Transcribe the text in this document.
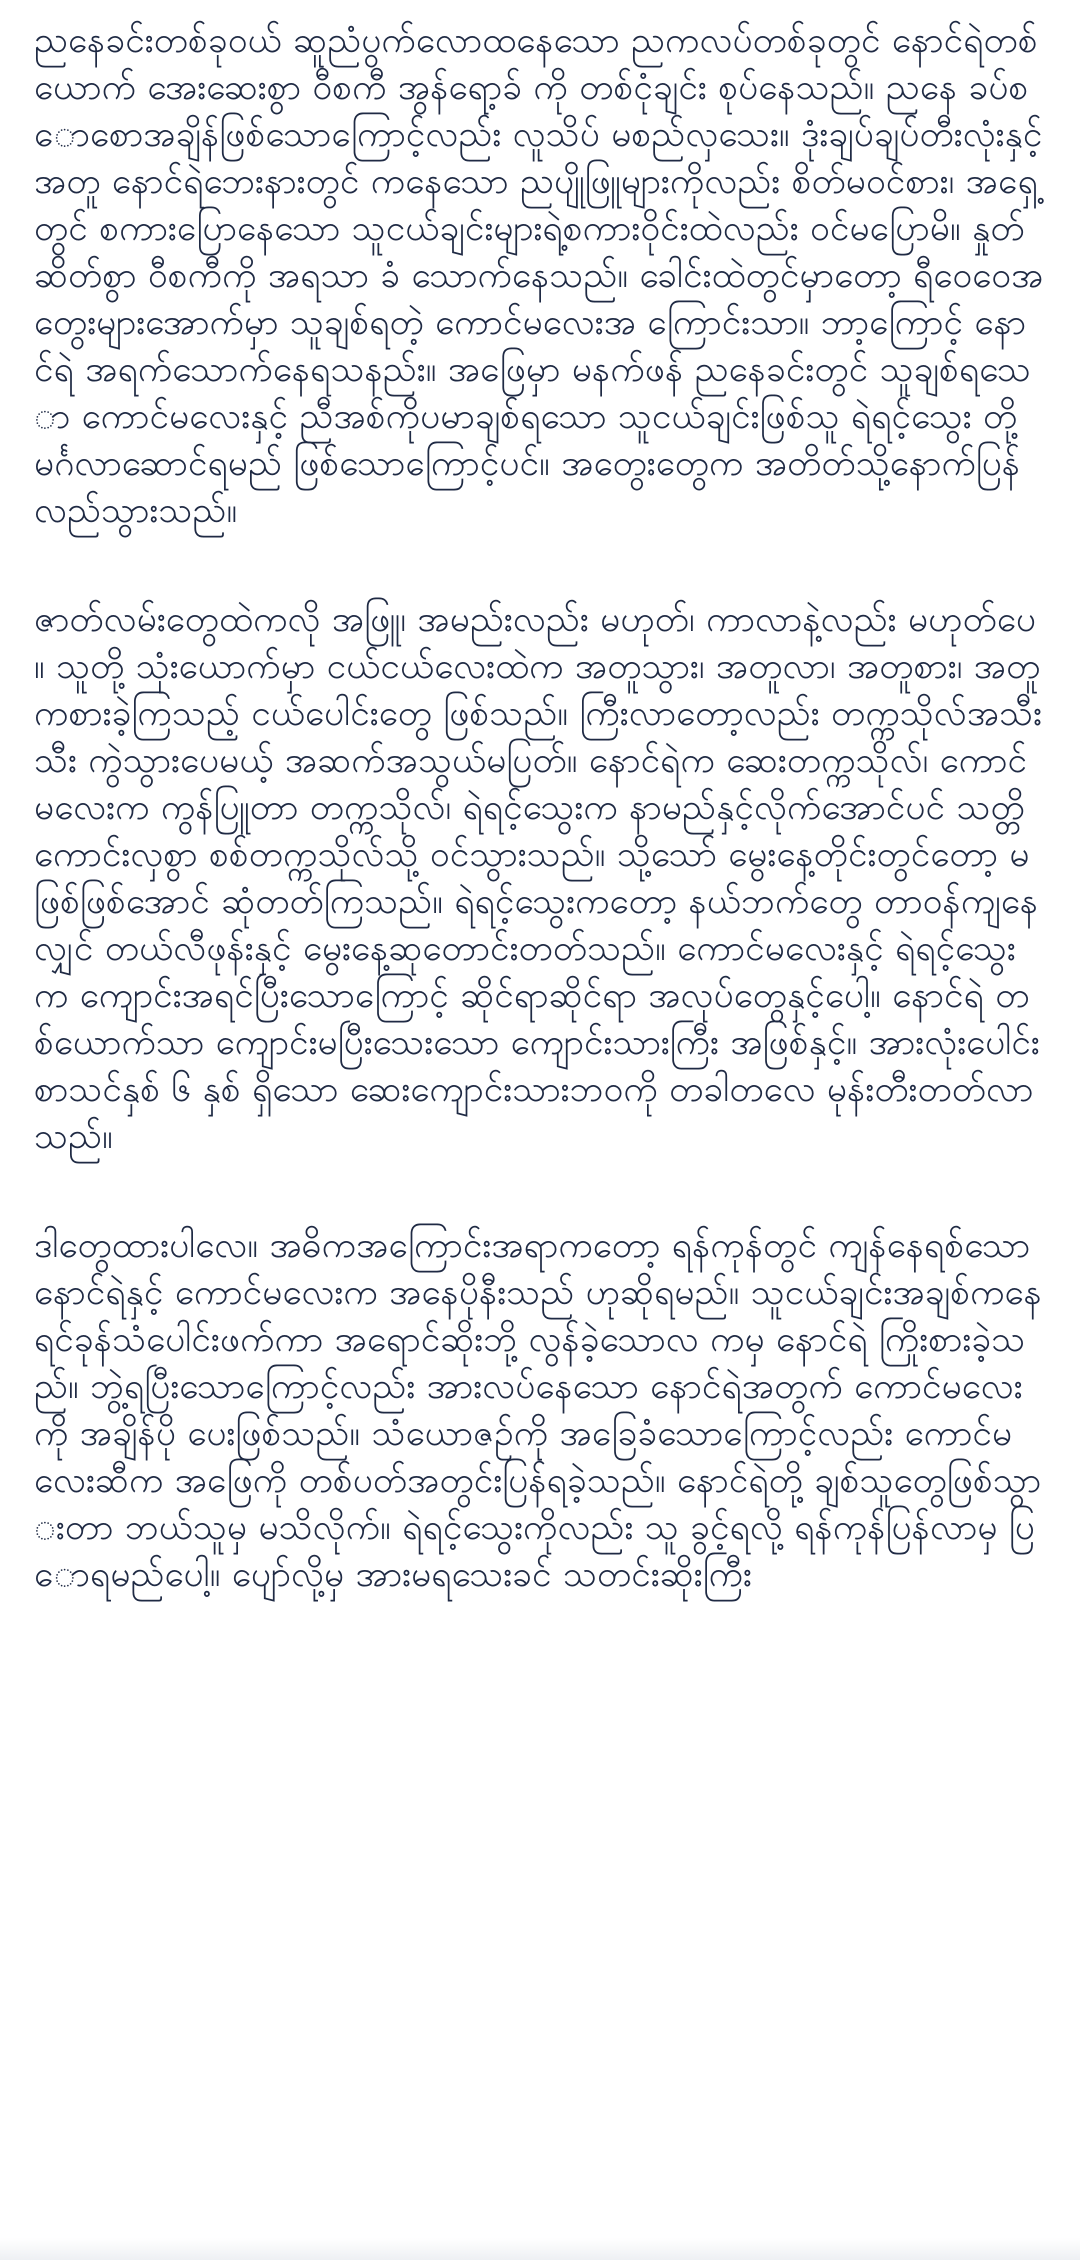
ညနေခင်းတစ်ခုဝယ် ဆူညံပွက်လောထနေသော ညကလပ်တစ်ခုတွင် နောင်ရဲတစ်ယောက် အေးဆေးစွာ ဝီစကီ အွန်ရော့ခ် ကို တစ်ငုံချင်း စုပ်နေသည်။ ညနေ ခပ်စောစောအချိန်ဖြစ်သောကြောင့်လည်း လူသိပ် မစည်လှသေး။ ဒုံးချပ်ချပ်တီးလုံးနှင့်အတူ နောင်ရဲဘေးနားတွင် ကနေသော ညပျိုဖြူများကိုလည်း စိတ်မဝင်စား၊ အရှေ့ တွင် စကားပြောနေသော သူငယ်ချင်းများရဲ့စကားဝိုင်းထဲလည်း ဝင်မပြောမိ။ နှုတ်ဆိတ်စွာ ဝီစကီကို အရသာ ခံ သောက်နေသည်။ ခေါင်းထဲတွင်မှာတော့ ရီဝေဝေအတွေးများအောက်မှာ သူချစ်ရတဲ့ ကောင်မလေးအ ကြောင်းသာ။ ဘာ့ကြောင့် နောင်ရဲ အရက်သောက်နေရသနည်း။ အဖြေမှာ မနက်ဖန် ညနေခင်းတွင် သူချစ်ရသော ကောင်မလေးနှင့် ညီအစ်ကိုပမာချစ်ရသော သူငယ်ချင်းဖြစ်သူ ရဲရင့်သွေး တို့ မင်္ဂလာဆောင်ရမည် ဖြစ်သောကြောင့်ပင်။ အတွေးတွေက အတိတ်သို့နောက်ပြန်လည်သွားသည်။

ဇာတ်လမ်းတွေထဲကလို အဖြူ၊ အမည်းလည်း မဟုတ်၊ ကာလာနဲ့လည်း မဟုတ်ပေ။ သူတို့ သုံးယောက်မှာ ငယ်ငယ်လေးထဲက အတူသွား၊ အတူလာ၊ အတူစား၊ အတူကစားခဲ့ကြသည့် ငယ်ပေါင်းတွေ ဖြစ်သည်။ ကြီးလာတော့လည်း တက္ကသိုလ်အသီးသီး ကွဲသွားပေမယ့် အဆက်အသွယ်မပြတ်။ နောင်ရဲက ဆေးတက္ကသိုလ်၊ ကောင်မလေးက ကွန်ပြူတာ တက္ကသိုလ်၊ ရဲရင့်သွေးက နာမည်နှင့်လိုက်အောင်ပင် သတ္တိကောင်းလှစွာ စစ်တက္ကသိုလ်သို့ ဝင်သွားသည်။ သို့သော် မွေးနေ့တိုင်းတွင်တော့ မဖြစ်ဖြစ်အောင် ဆုံတတ်ကြသည်။ ရဲရင့်သွေးကတော့ နယ်ဘက်တွေ တာဝန်ကျနေလျှင် တယ်လီဖုန်းနှင့် မွေးနေ့ဆုတောင်းတတ်သည်။ ကောင်မလေးနှင့် ရဲရင့်သွေးက ကျောင်းအရင်ပြီးသောကြောင့် ဆိုင်ရာဆိုင်ရာ အလုပ်တွေနှင့်ပေါ့။ နောင်ရဲ တစ်ယောက်သာ ကျောင်းမပြီးသေးသော ကျောင်းသားကြီး အဖြစ်နှင့်။ အားလုံးပေါင်း စာသင်နှစ် ၆ နှစ် ရှိသော ဆေးကျောင်းသားဘဝကို တခါတလေ မုန်းတီးတတ်လာသည်။

ဒါတွေထားပါလေ။ အဓိကအကြောင်းအရာကတော့ ရန်ကုန်တွင် ကျန်နေရစ်သော နောင်ရဲနှင့် ကောင်မလေးက အနေပိုနီးသည် ဟုဆိုရမည်။ သူငယ်ချင်းအချစ်ကနေ ရင်ခုန်သံပေါင်းဖက်ကာ အရောင်ဆိုးဘို့ လွန်ခဲ့သောလ ကမှ နောင်ရဲ ကြိုးစားခဲ့သည်။ ဘွဲ့ရပြီးသောကြောင့်လည်း အားလပ်နေသော နောင်ရဲအတွက် ကောင်မလေးကို အချိန်ပို ပေးဖြစ်သည်။ သံယောဇဉ်ကို အခြေခံသောကြောင့်လည်း ကောင်မလေးဆီက အဖြေကို တစ်ပတ်အတွင်းပြန်ရခဲ့သည်။ နောင်ရဲတို့ ချစ်သူတွေဖြစ်သွားတာ ဘယ်သူမှ မသိလိုက်။ ရဲရင့်သွေးကိုလည်း သူ ခွင့်ရလို့ ရန်ကုန်ပြန်လာမှ ပြောရမည်ပေါ့။ ပျော်လို့မှ အားမရသေးခင် သတင်းဆိုးကြီး
